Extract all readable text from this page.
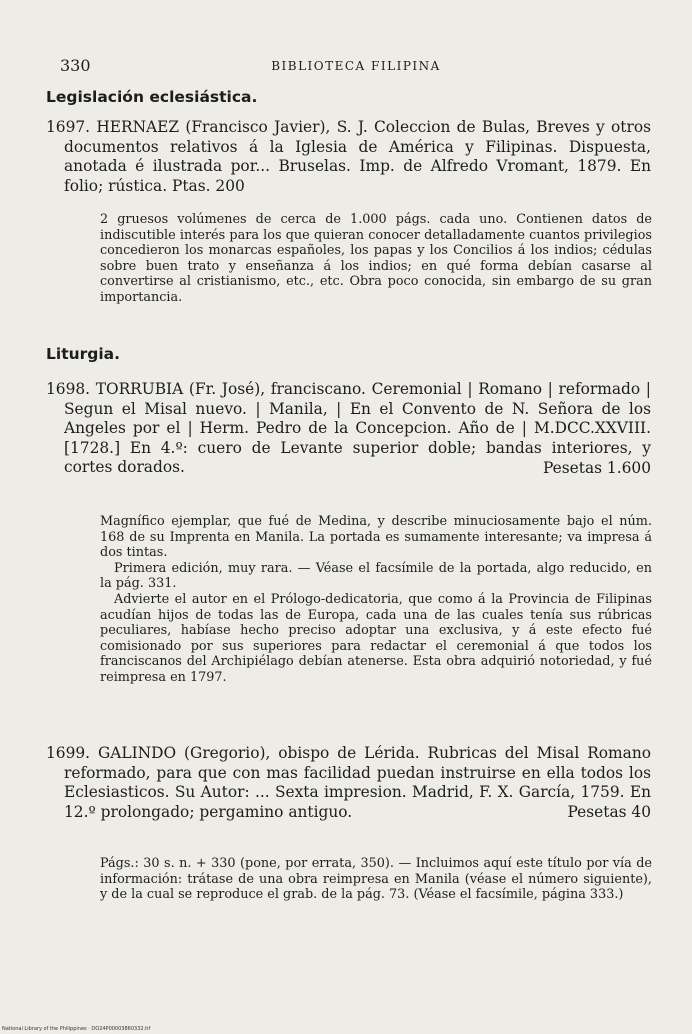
330	BIBLIOTECA FILIPINA
Legislación eclesiástica.
1697. HERNAEZ (Francisco Javier), S. J. Coleccion de Bulas, Breves y otros documentos relativos á la Iglesia de América y Filipinas. Dispuesta, anotada é ilustrada por... Bruselas. Imp. de Alfredo Vromant, 1879. En folio; rústica. Ptas. 200

2 gruesos volúmenes de cerca de 1.000 págs. cada uno. Contienen datos de indiscutible interés para los que quieran conocer detalladamente cuantos privilegios concedieron los monarcas españoles, los papas y los Concilios á los indios; cédulas sobre buen trato y enseñanza á los indios; en qué forma debían casarse al convertirse al cristianismo, etc., etc. Obra poco conocida, sin embargo de su gran importancia.

Liturgia.
1698. TORRUBIA (Fr. José), franciscano. Ceremonial | Romano | reformado | Segun el Misal nuevo. | Manila, | En el Convento de N. Señora de los Angeles por el | Herm. Pedro de la Concepcion. Año de | M.DCC.XXVIII. [1728.] En 4.º: cuero de Levante superior doble; bandas interiores, y cortes dorados.	Pesetas 1.600

Magnífico ejemplar, que fué de Medina, y describe minuciosamente bajo el núm. 168 de su Imprenta en Manila. La portada es sumamente interesante; va impresa á dos tintas.

Primera edición, muy rara. — Véase el facsímile de la portada, algo reducido, en la pág. 331.

Advierte el autor en el Prólogo-dedicatoria, que como á la Provincia de Filipinas acudían hijos de todas las de Europa, cada una de las cuales tenía sus rúbricas peculiares, habíase hecho preciso adoptar una exclusiva, y á este efecto fué comisionado por sus superiores para redactar el ceremonial á que todos los franciscanos del Archipiélago debían atenerse. Esta obra adquirió notoriedad, y fué reimpresa en 1797.

1699. GALINDO (Gregorio), obispo de Lérida. Rubricas del Misal Romano reformado, para que con mas facilidad puedan instruirse en ella todos los Eclesiasticos. Su Autor: ... Sexta impresion. Madrid, F. X. García, 1759. En 12.º prolongado; pergamino antiguo.	Pesetas 40

Págs.: 30 s. n. + 330 (pone, por errata, 350). — Incluimos aquí este título por vía de información: trátase de una obra reimpresa en Manila (véase el número siguiente), y de la cual se reproduce el grab. de la pág. 73. (Véase el facsímile, página 333.)

National Library of the Philippines · DO24P00003860332.tif
